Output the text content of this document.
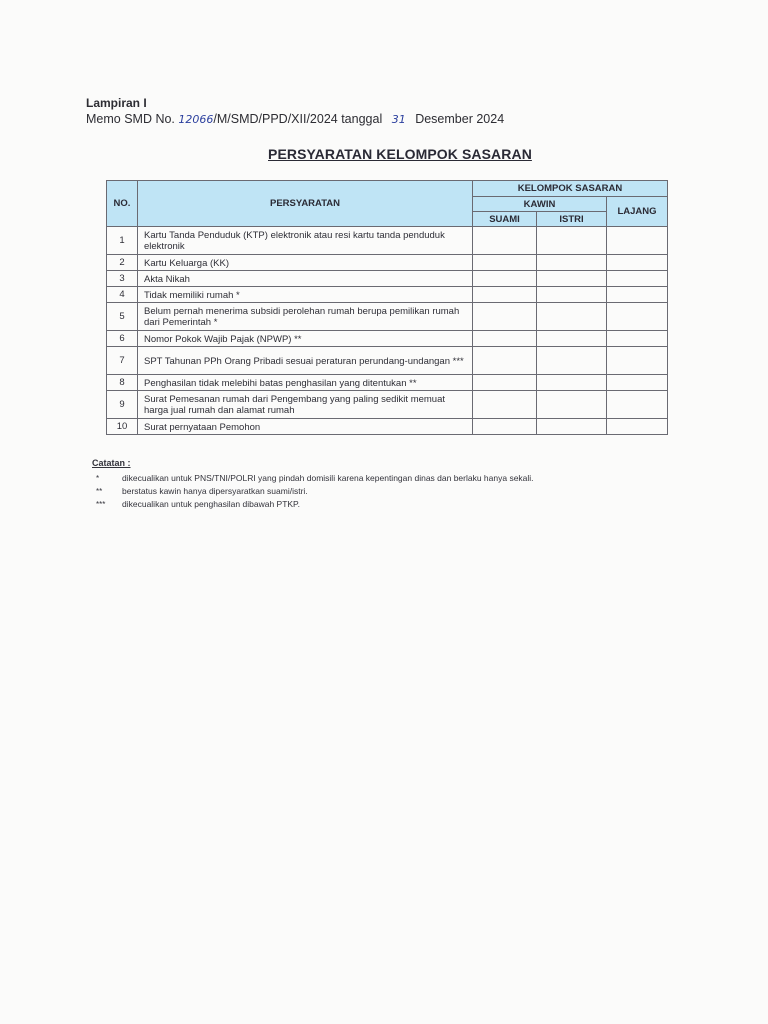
Lampiran I
Memo SMD No. 12066/M/SMD/PPD/XII/2024 tanggal 31 Desember 2024
PERSYARATAN KELOMPOK SASARAN
NO.	PERSYARATAN	KELOMPOK SASARAN		
		KAWIN		LAJANG
		SUAMI	ISTRI	
1	Kartu Tanda Penduduk (KTP) elektronik atau resi kartu tanda penduduk elektronik			
2	Kartu Keluarga (KK)			
3	Akta Nikah			
4	Tidak memiliki rumah *			
5	Belum pernah menerima subsidi perolehan rumah berupa pemilikan rumah dari Pemerintah *			
6	Nomor Pokok Wajib Pajak (NPWP) **			
7	SPT Tahunan PPh Orang Pribadi sesuai peraturan perundang-undangan ***			
8	Penghasilan tidak melebihi batas penghasilan yang ditentukan **			
9	Surat Pemesanan rumah dari Pengembang yang paling sedikit memuat harga jual rumah dan alamat rumah			
10	Surat pernyataan Pemohon			
Catatan :
*	dikecualikan untuk PNS/TNI/POLRI yang pindah domisili karena kepentingan dinas dan berlaku hanya sekali.
**	berstatus kawin hanya dipersyaratkan suami/istri.
***	dikecualikan untuk penghasilan dibawah PTKP.
